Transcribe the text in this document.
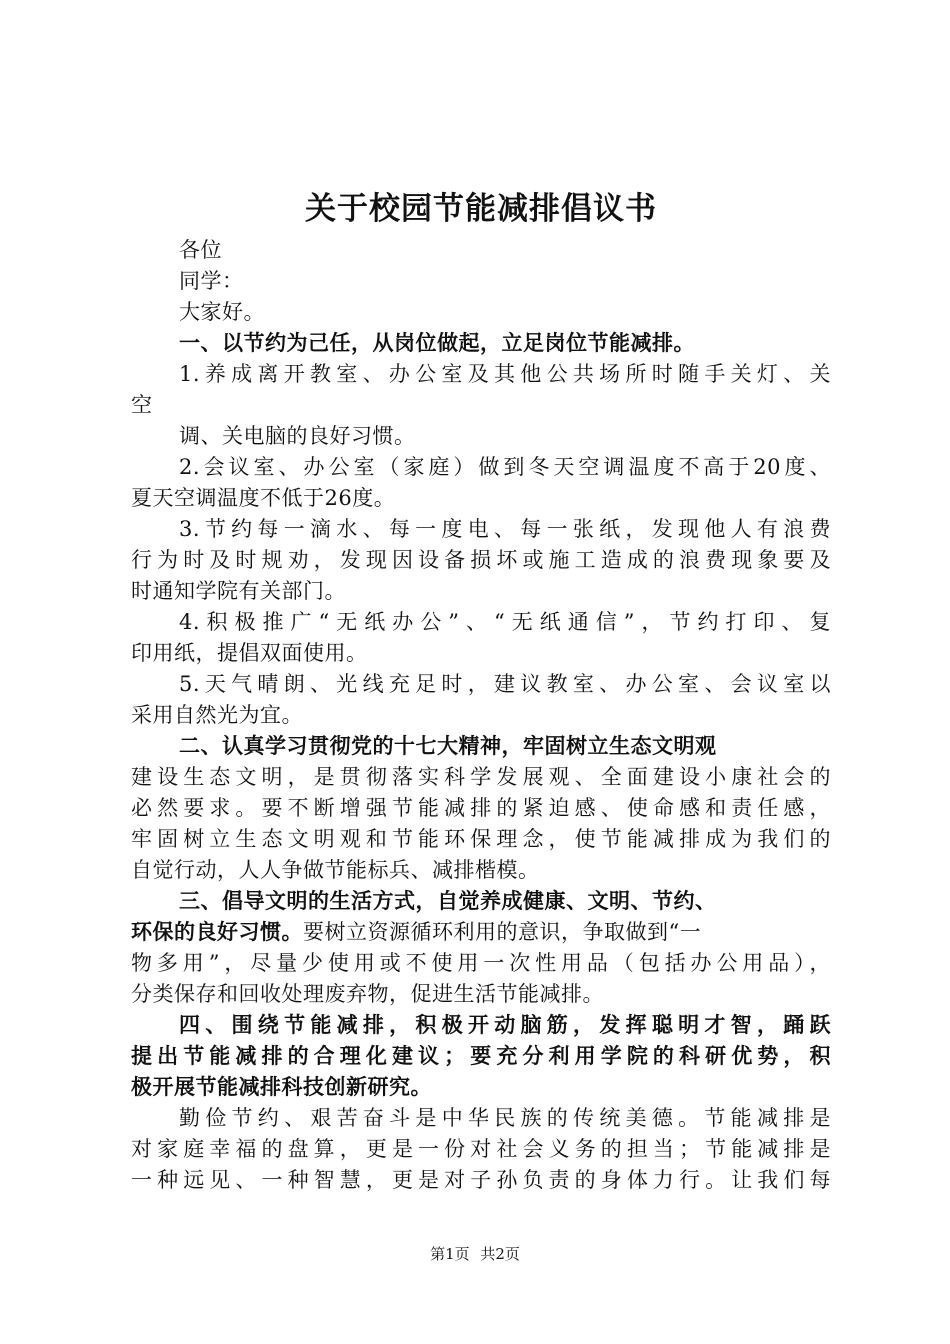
关于校园节能减排倡议书
各位
同学：
大家好。
一、以节约为己任，从岗位做起，立足岗位节能减排。
1.养成离开教室、办公室及其他公共场所时随手关灯、关
空
调、关电脑的良好习惯。
2.会议室、办公室（家庭）做到冬天空调温度不高于20度、
夏天空调温度不低于26度。
3.节约每一滴水、每一度电、每一张纸，发现他人有浪费
行为时及时规劝，发现因设备损坏或施工造成的浪费现象要及
时通知学院有关部门。
4.积极推广“无纸办公”、“无纸通信”，节约打印、复
印用纸，提倡双面使用。
5.天气晴朗、光线充足时，建议教室、办公室、会议室以
采用自然光为宜。
二、认真学习贯彻党的十七大精神，牢固树立生态文明观
建设生态文明，是贯彻落实科学发展观、全面建设小康社会的
必然要求。要不断增强节能减排的紧迫感、使命感和责任感，
牢固树立生态文明观和节能环保理念，使节能减排成为我们的
自觉行动，人人争做节能标兵、减排楷模。
三、倡导文明的生活方式，自觉养成健康、文明、节约、
环保的良好习惯。要树立资源循环利用的意识，争取做到“一
物多用”，尽量少使用或不使用一次性用品（包括办公用品），
分类保存和回收处理废弃物，促进生活节能减排。
四、围绕节能减排，积极开动脑筋，发挥聪明才智，踊跃
提出节能减排的合理化建议；要充分利用学院的科研优势，积
极开展节能减排科技创新研究。
勤俭节约、艰苦奋斗是中华民族的传统美德。节能减排是
对家庭幸福的盘算，更是一份对社会义务的担当；节能减排是
一种远见、一种智慧，更是对子孙负责的身体力行。让我们每
第1页 共2页
